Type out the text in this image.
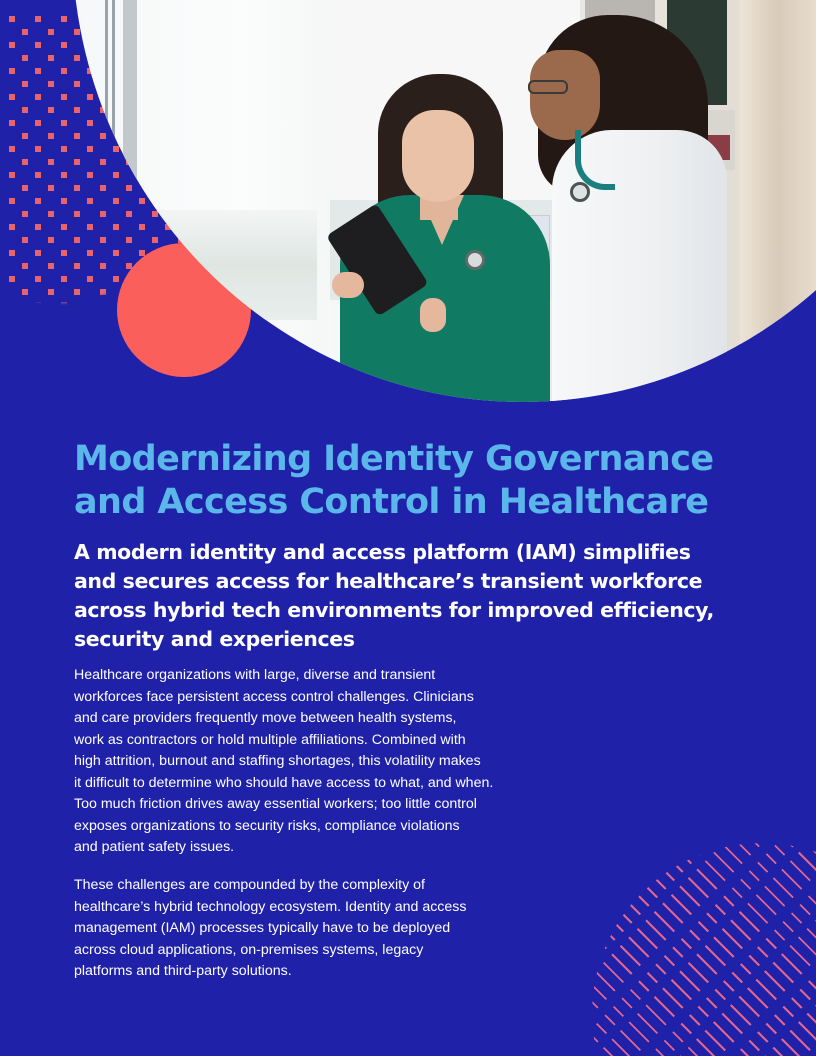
Modernizing Identity Governance
and Access Control in Healthcare
A modern identity and access platform (IAM) simplifies
and secures access for healthcare’s transient workforce
across hybrid tech environments for improved efficiency,
security and experiences

Healthcare organizations with large, diverse and transient
workforces face persistent access control challenges. Clinicians
and care providers frequently move between health systems,
work as contractors or hold multiple affiliations. Combined with
high attrition, burnout and staffing shortages, this volatility makes
it difficult to determine who should have access to what, and when.
Too much friction drives away essential workers; too little control
exposes organizations to security risks, compliance violations
and patient safety issues.

These challenges are compounded by the complexity of
healthcare’s hybrid technology ecosystem. Identity and access
management (IAM) processes typically have to be deployed
across cloud applications, on-premises systems, legacy
platforms and third-party solutions.
